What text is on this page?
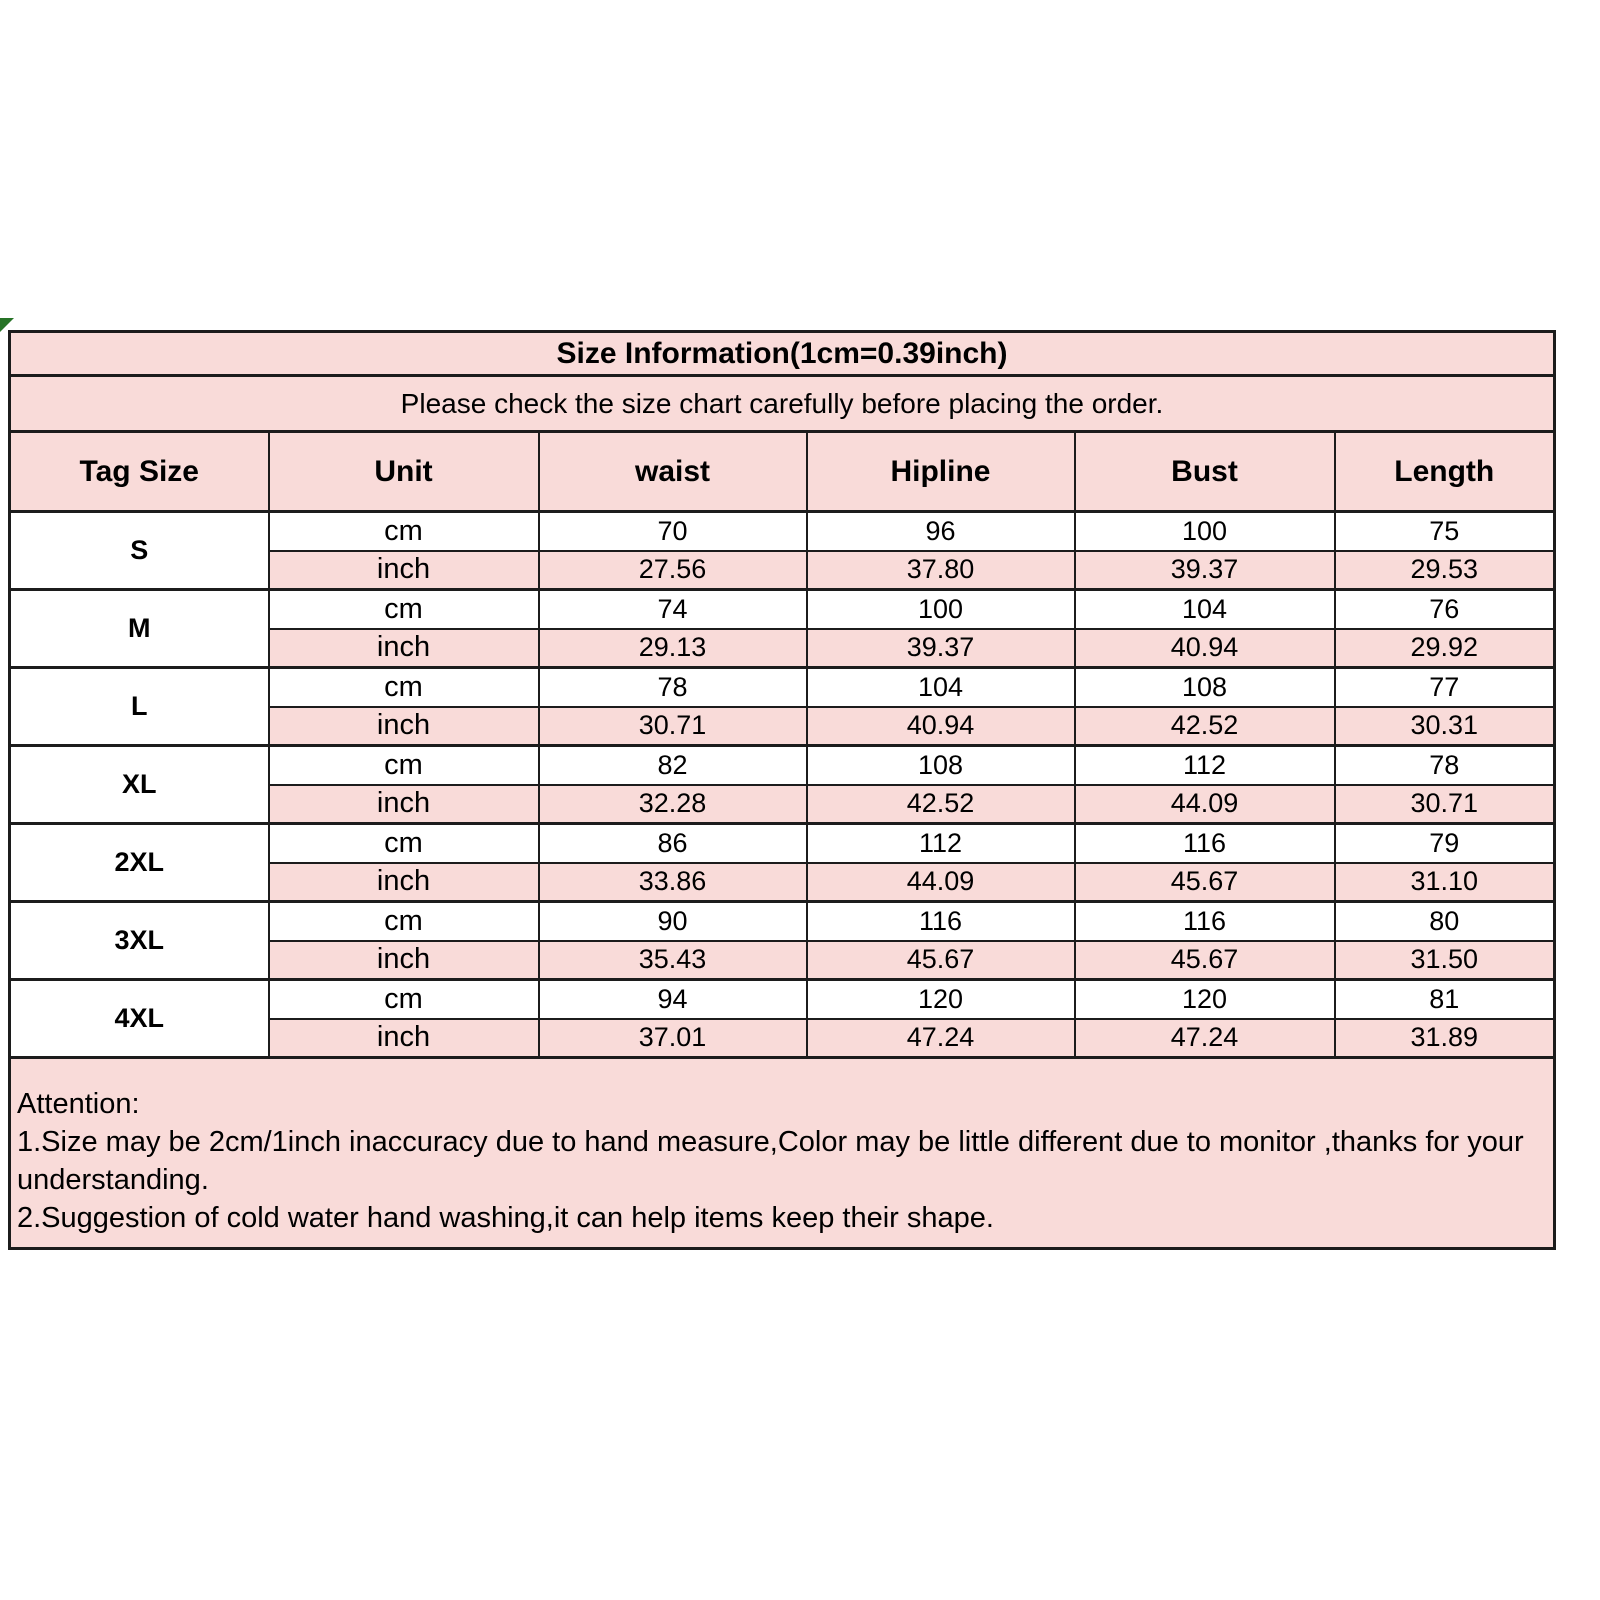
Size Information(1cm=0.39inch)					
Please check the size chart carefully before placing the order.					
Tag Size	Unit	waist	Hipline	Bust	Length
S	cm	70	96	100	75
	inch	27.56	37.80	39.37	29.53
M	cm	74	100	104	76
	inch	29.13	39.37	40.94	29.92
L	cm	78	104	108	77
	inch	30.71	40.94	42.52	30.31
XL	cm	82	108	112	78
	inch	32.28	42.52	44.09	30.71
2XL	cm	86	112	116	79
	inch	33.86	44.09	45.67	31.10
3XL	cm	90	116	116	80
	inch	35.43	45.67	45.67	31.50
4XL	cm	94	120	120	81
	inch	37.01	47.24	47.24	31.89

Attention:

1.Size may be 2cm/1inch inaccuracy due to hand measure,Color may be little different due to monitor ,thanks for your understanding.

2.Suggestion of cold water hand washing,it can help items keep their shape.					
